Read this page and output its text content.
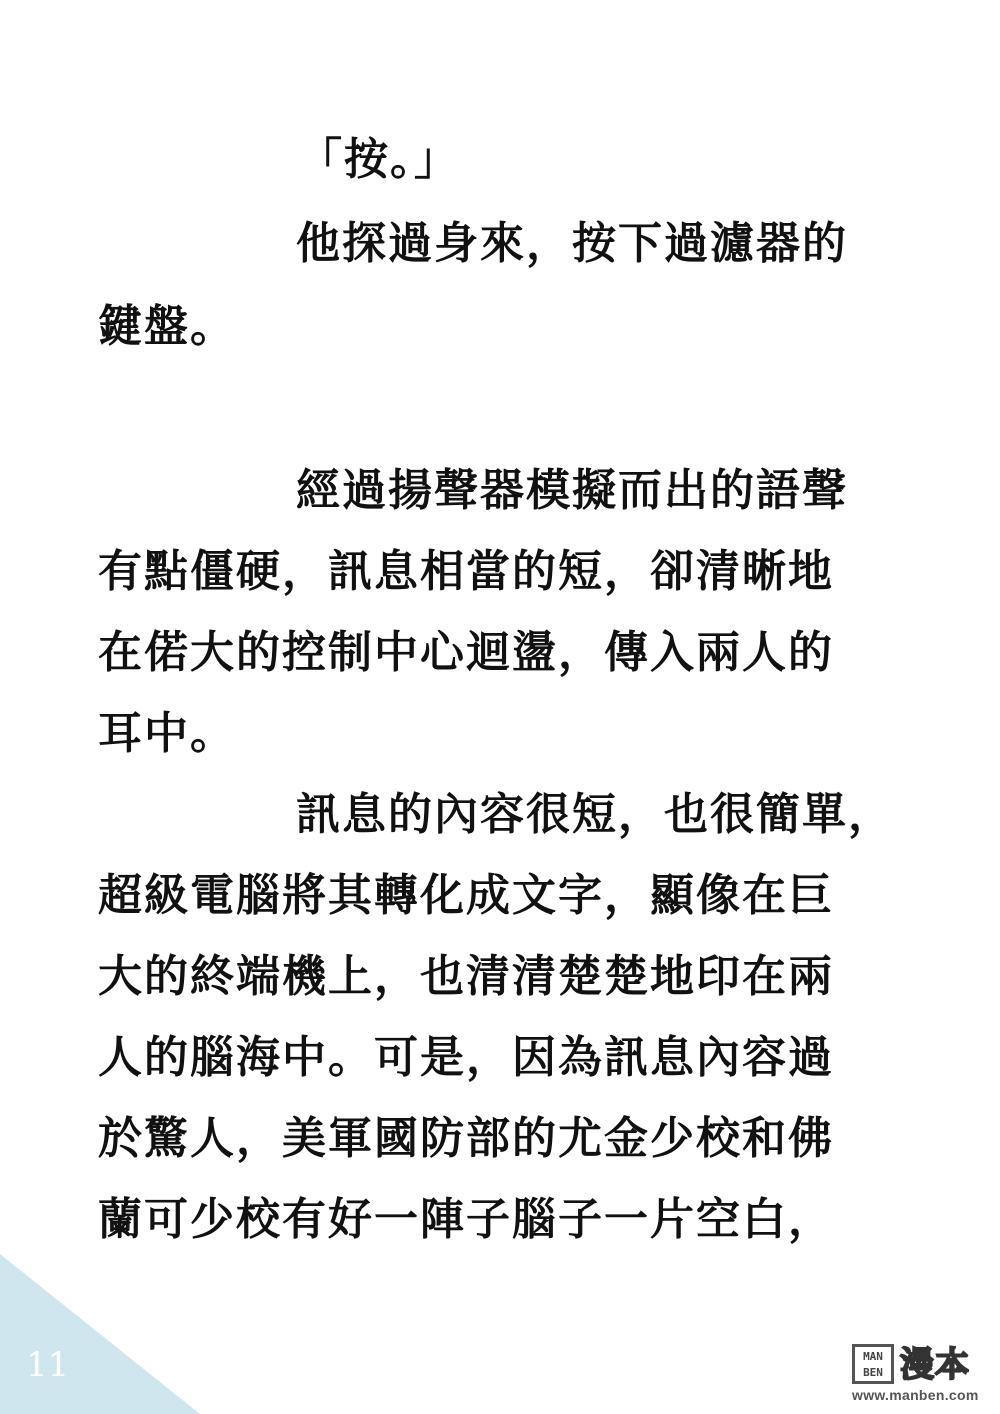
「按。」
他探過身來，按下過濾器的
鍵盤。
經過揚聲器模擬而出的語聲
有點僵硬，訊息相當的短，卻清晰地
在偌大的控制中心迴盪，傳入兩人的
耳中。
訊息的內容很短，也很簡單，
超級電腦將其轉化成文字，顯像在巨
大的終端機上，也清清楚楚地印在兩
人的腦海中。可是，因為訊息內容過
於驚人，美軍國防部的尤金少校和佛
蘭可少校有好一陣子腦子一片空白，
11	MAN
BEN 漫本
www.manben.com
